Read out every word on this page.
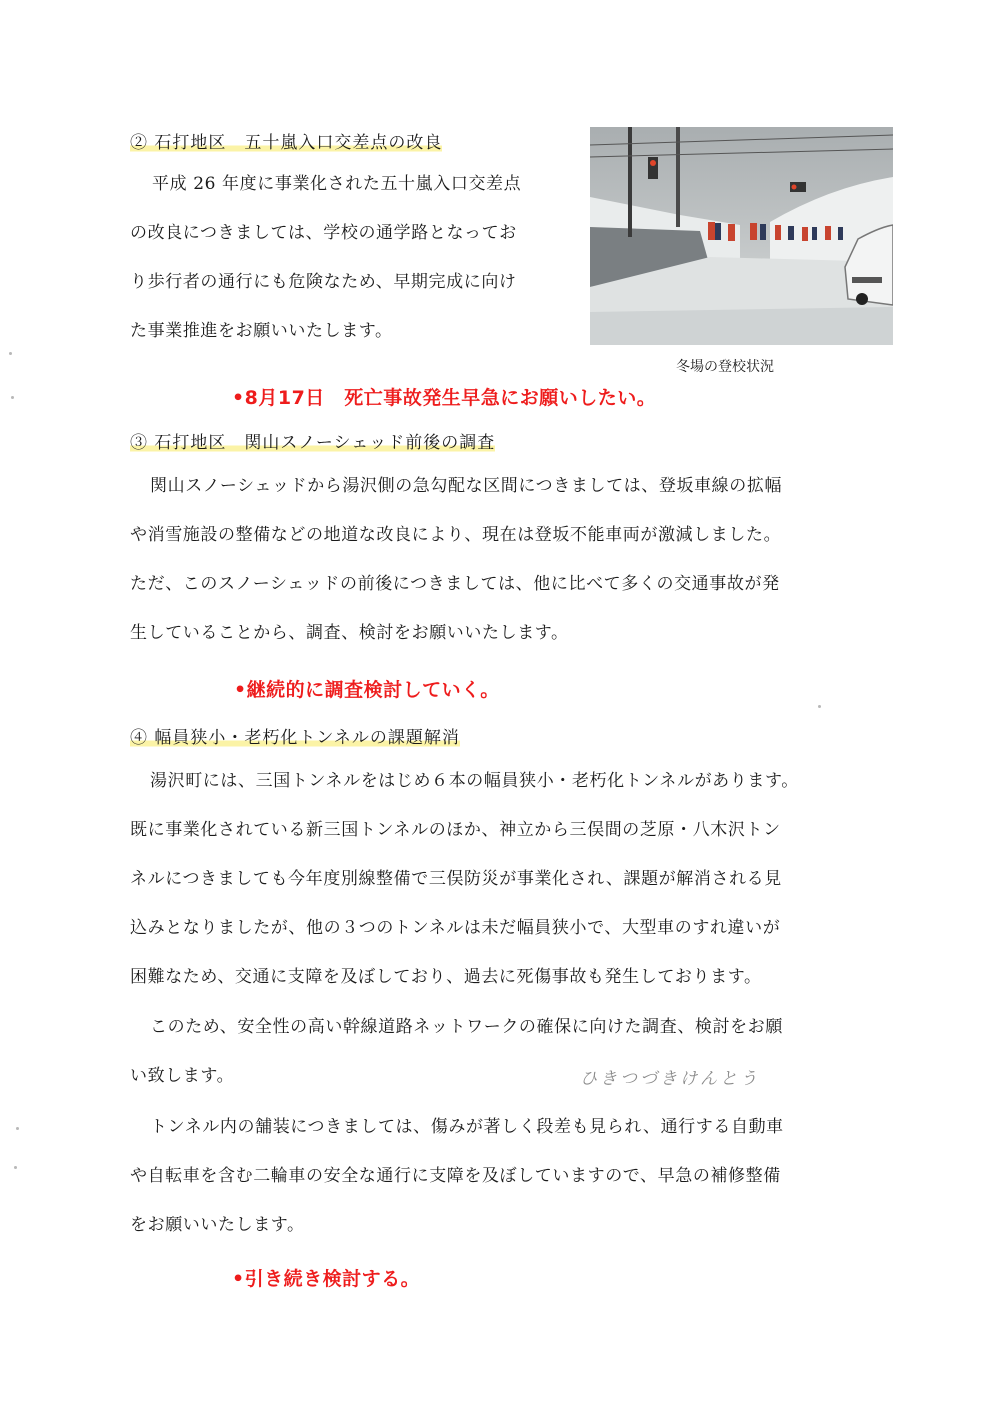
② 石打地区　五十嵐入口交差点の改良

平成 26 年度に事業化された五十嵐入口交差点

の改良につきましては、学校の通学路となってお

り歩行者の通行にも危険なため、早期完成に向け

た事業推進をお願いいたします。

冬場の登校状況
•8月17日　死亡事故発生早急にお願いしたい。
③ 石打地区　関山スノーシェッド前後の調査

関山スノーシェッドから湯沢側の急勾配な区間につきましては、登坂車線の拡幅

や消雪施設の整備などの地道な改良により、現在は登坂不能車両が激減しました。

ただ、このスノーシェッドの前後につきましては、他に比べて多くの交通事故が発

生していることから、調査、検討をお願いいたします。

•継続的に調査検討していく。
④ 幅員狭小・老朽化トンネルの課題解消

湯沢町には、三国トンネルをはじめ６本の幅員狭小・老朽化トンネルがあります。

既に事業化されている新三国トンネルのほか、神立から三俣間の芝原・八木沢トン

ネルにつきましても今年度別線整備で三俣防災が事業化され、課題が解消される見

込みとなりましたが、他の３つのトンネルは未だ幅員狭小で、大型車のすれ違いが

困難なため、交通に支障を及ぼしており、過去に死傷事故も発生しております。

このため、安全性の高い幹線道路ネットワークの確保に向けた調査、検討をお願

い致します。	ひきつづきけんとう

トンネル内の舗装につきましては、傷みが著しく段差も見られ、通行する自動車

や自転車を含む二輪車の安全な通行に支障を及ぼしていますので、早急の補修整備

をお願いいたします。

•引き続き検討する。
